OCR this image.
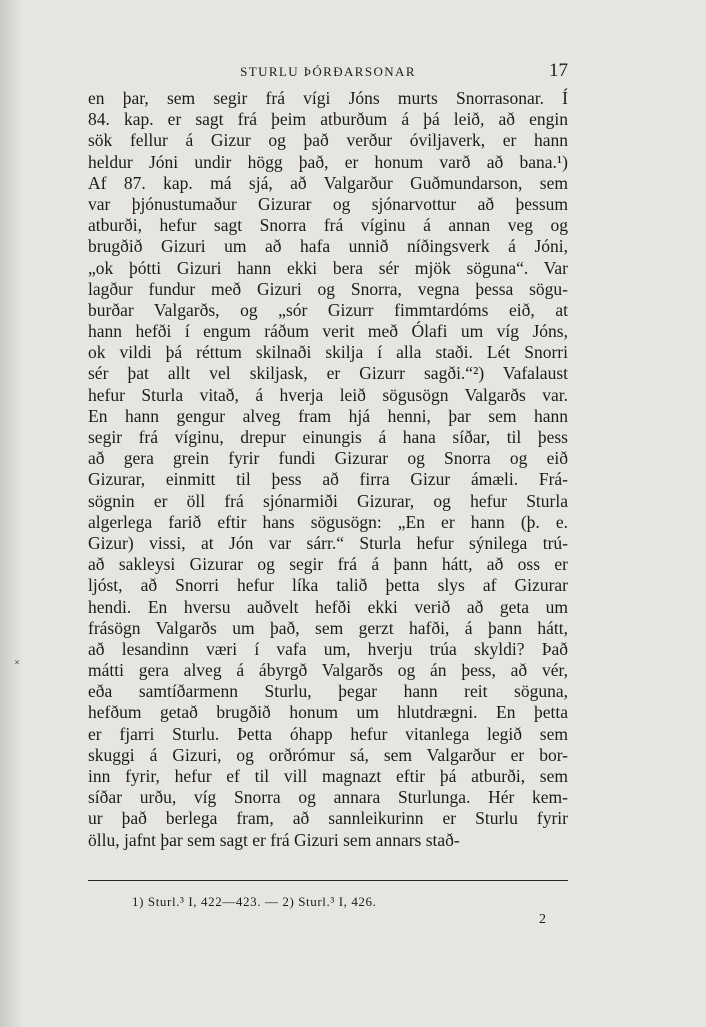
STURLU ÞÓRÐARSONAR	17
en þar, sem segir frá vígi Jóns murts Snorrasonar. Í
84. kap. er sagt frá þeim atburðum á þá leið, að engin
sök fellur á Gizur og það verður óviljaverk, er hann
heldur Jóni undir högg það, er honum varð að bana.¹)
Af 87. kap. má sjá, að Valgarður Guðmundarson, sem
var þjónustumaður Gizurar og sjónarvottur að þessum
atburði, hefur sagt Snorra frá víginu á annan veg og
brugðið Gizuri um að hafa unnið níðingsverk á Jóni,
„ok þótti Gizuri hann ekki bera sér mjök söguna“. Var
lagður fundur með Gizuri og Snorra, vegna þessa sögu-
burðar Valgarðs, og „sór Gizurr fimmtardóms eið, at
hann hefði í engum ráðum verit með Ólafi um víg Jóns,
ok vildi þá réttum skilnaði skilja í alla staði. Lét Snorri
sér þat allt vel skiljask, er Gizurr sagði.“²) Vafalaust
hefur Sturla vitað, á hverja leið sögusögn Valgarðs var.
En hann gengur alveg fram hjá henni, þar sem hann
segir frá víginu, drepur einungis á hana síðar, til þess
að gera grein fyrir fundi Gizurar og Snorra og eið
Gizurar, einmitt til þess að firra Gizur ámæli. Frá-
sögnin er öll frá sjónarmiði Gizurar, og hefur Sturla
algerlega farið eftir hans sögusögn: „En er hann (þ. e.
Gizur) vissi, at Jón var sárr.“ Sturla hefur sýnilega trú-
að sakleysi Gizurar og segir frá á þann hátt, að oss er
ljóst, að Snorri hefur líka talið þetta slys af Gizurar
hendi. En hversu auðvelt hefði ekki verið að geta um
frásögn Valgarðs um það, sem gerzt hafði, á þann hátt,
að lesandinn væri í vafa um, hverju trúa skyldi? Það
mátti gera alveg á ábyrgð Valgarðs og án þess, að vér,
eða samtíðarmenn Sturlu, þegar hann reit söguna,
hefðum getað brugðið honum um hlutdrægni. En þetta
er fjarri Sturlu. Þetta óhapp hefur vitanlega legið sem
skuggi á Gizuri, og orðrómur sá, sem Valgarður er bor-
inn fyrir, hefur ef til vill magnazt eftir þá atburði, sem
síðar urðu, víg Snorra og annara Sturlunga. Hér kem-
ur það berlega fram, að sannleikurinn er Sturlu fyrir
öllu, jafnt þar sem sagt er frá Gizuri sem annars stað-
1) Sturl.³ I, 422—423. — 2) Sturl.³ I, 426.
2
˟
